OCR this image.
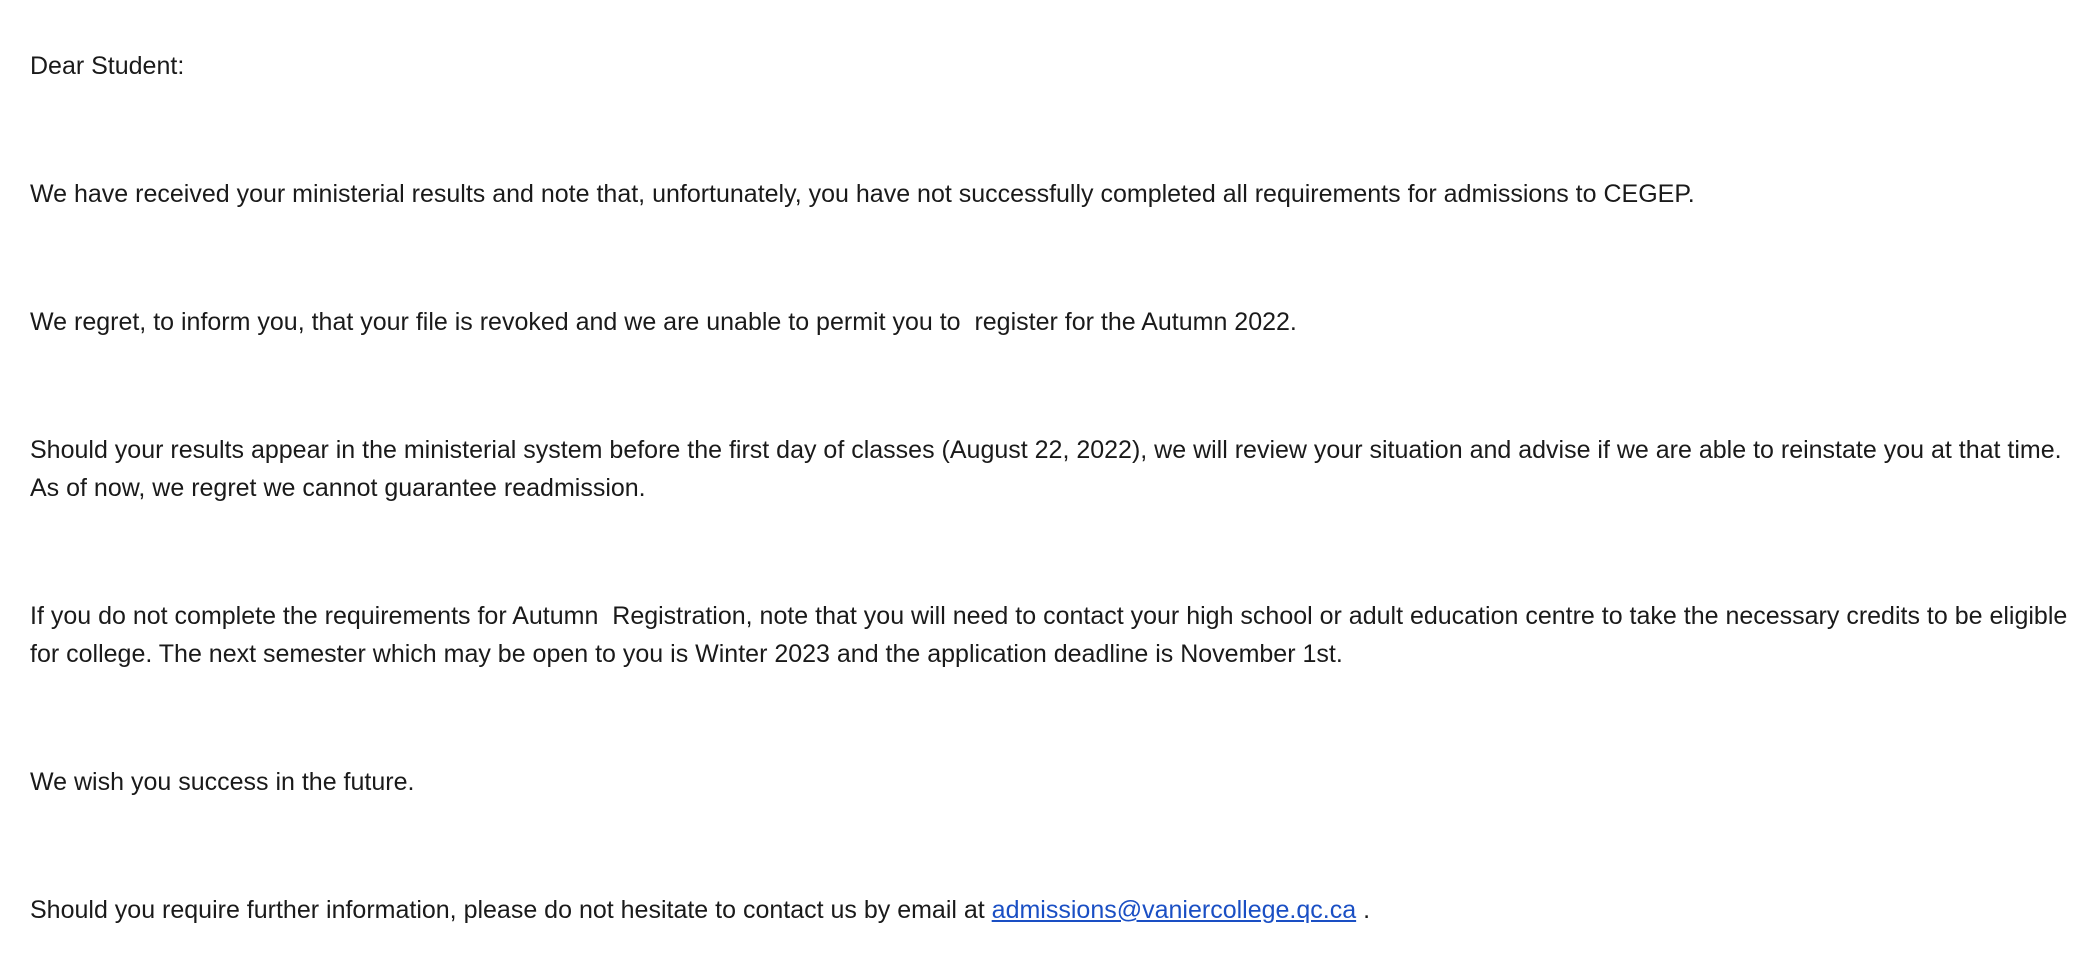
Dear Student:

We have received your ministerial results and note that, unfortunately, you have not successfully completed all requirements for admissions to CEGEP.

We regret, to inform you, that your file is revoked and we are unable to permit you to  register for the Autumn 2022.

Should your results appear in the ministerial system before the first day of classes (August 22, 2022), we will review your situation and advise if we are able to reinstate you at that time.  As of now, we regret we cannot guarantee readmission.

If you do not complete the requirements for Autumn  Registration, note that you will need to contact your high school or adult education centre to take the necessary credits to be eligible for college. The next semester which may be open to you is Winter 2023 and the application deadline is November 1st.

We wish you success in the future.

Should you require further information, please do not hesitate to contact us by email at admissions@vaniercollege.qc.ca .
